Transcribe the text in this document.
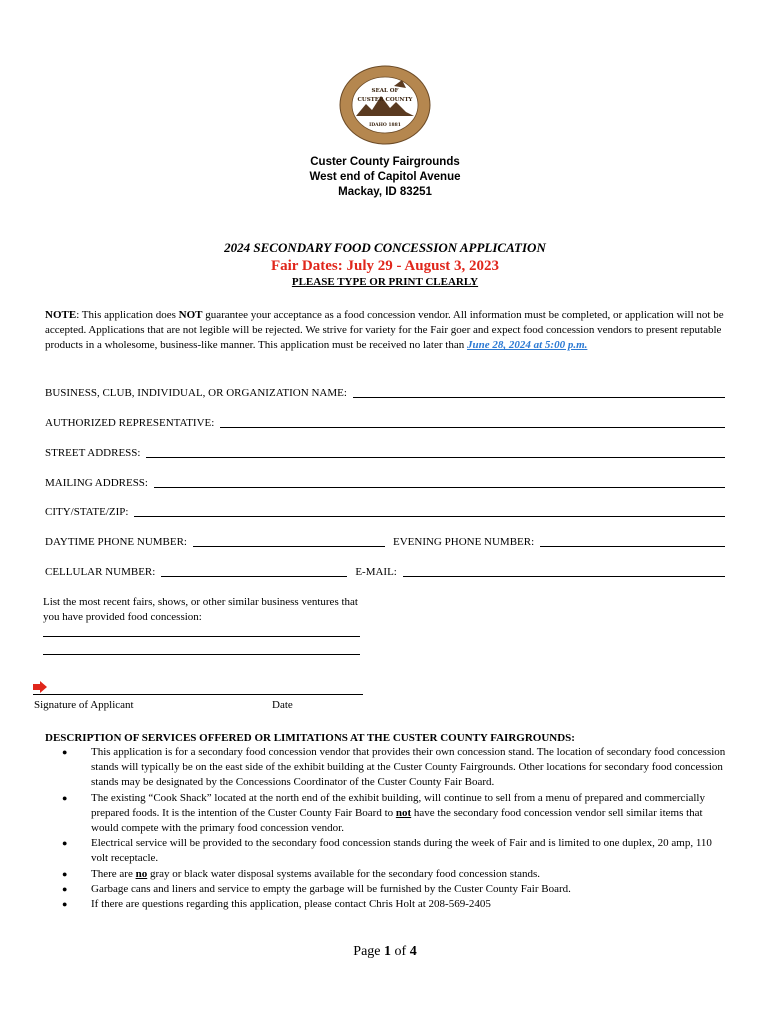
SEAL OF
CUSTER COUNTY
IDAHO 1881
Custer County Fairgrounds
West end of Capitol Avenue
Mackay, ID 83251
2024 SECONDARY FOOD CONCESSION APPLICATION
Fair Dates: July 29 - August 3, 2023
PLEASE TYPE OR PRINT CLEARLY
NOTE: This application does NOT guarantee your acceptance as a food concession vendor. All information must be completed, or application will not be accepted. Applications that are not legible will be rejected. We strive for variety for the Fair goer and expect food concession vendors to present reputable products in a wholesome, business-like manner. This application must be received no later than June 28, 2024 at 5:00 p.m.
BUSINESS, CLUB, INDIVIDUAL, OR ORGANIZATION NAME:
AUTHORIZED REPRESENTATIVE:
STREET ADDRESS:
MAILING ADDRESS:
CITY/STATE/ZIP:
DAYTIME PHONE NUMBER:	EVENING PHONE NUMBER:
CELLULAR NUMBER:	E-MAIL:
List the most recent fairs, shows, or other similar business ventures that you have provided food concession:
Signature of Applicant	Date
DESCRIPTION OF SERVICES OFFERED OR LIMITATIONS AT THE CUSTER COUNTY FAIRGROUNDS:
● This application is for a secondary food concession vendor that provides their own concession stand. The location of secondary food concession stands will typically be on the east side of the exhibit building at the Custer County Fairgrounds. Other locations for secondary food concession stands may be designated by the Concessions Coordinator of the Custer County Fair Board.
● The existing “Cook Shack” located at the north end of the exhibit building, will continue to sell from a menu of prepared and commercially prepared foods. It is the intention of the Custer County Fair Board to not have the secondary food concession vendor sell similar items that would compete with the primary food concession vendor.
● Electrical service will be provided to the secondary food concession stands during the week of Fair and is limited to one duplex, 20 amp, 110 volt receptacle.
● There are no gray or black water disposal systems available for the secondary food concession stands.
● Garbage cans and liners and service to empty the garbage will be furnished by the Custer County Fair Board.
● If there are questions regarding this application, please contact Chris Holt at 208-569-2405
Page 1 of 4
